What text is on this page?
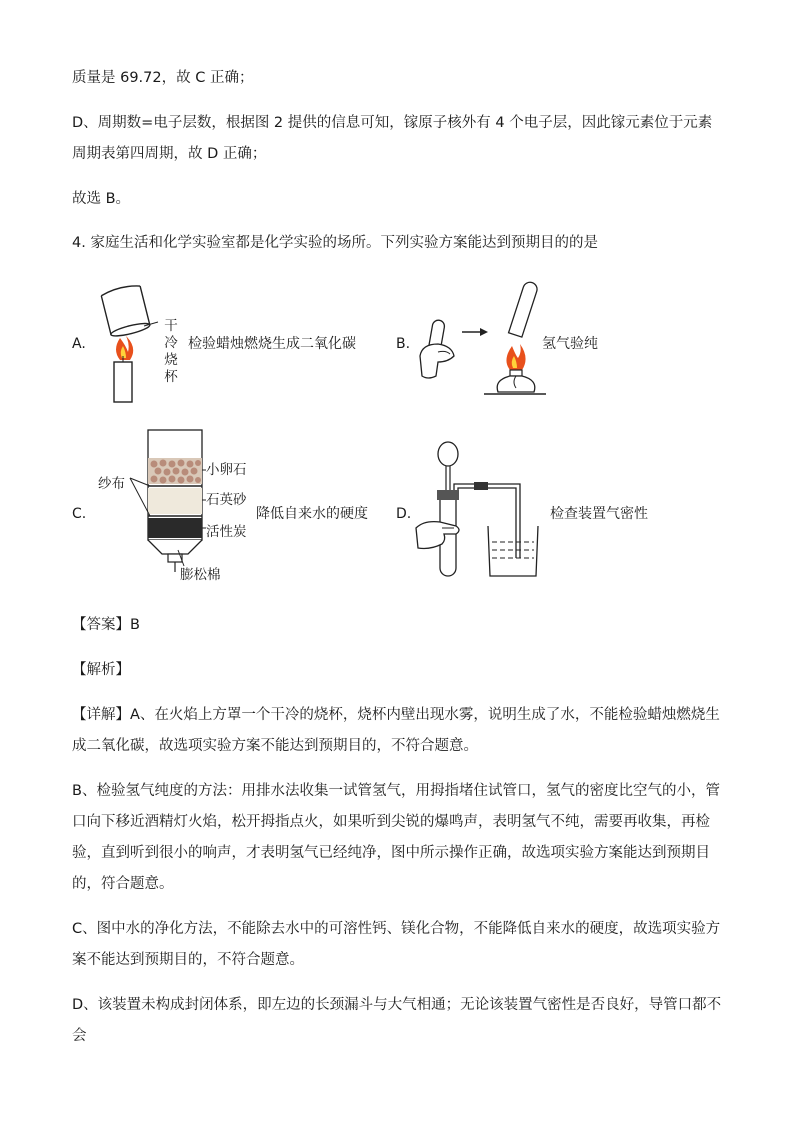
质量是 69.72，故 C 正确；

D、周期数=电子层数，根据图 2 提供的信息可知，镓原子核外有 4 个电子层，因此镓元素位于元素周期表第四周期，故 D 正确；

故选 B。

4. 家庭生活和化学实验室都是化学实验的场所。下列实验方案能达到预期目的的是

A.
干冷烧杯
检验蜡烛燃烧生成二氧化碳	B.	氢气验纯
C.
纱布
小卵石
石英砂
活性炭
膨松棉
降低自来水的硬度 D.	检查装置气密性

【答案】B

【解析】

【详解】A、在火焰上方罩一个干冷的烧杯，烧杯内壁出现水雾，说明生成了水，不能检验蜡烛燃烧生成二氧化碳，故选项实验方案不能达到预期目的，不符合题意。

B、检验氢气纯度的方法：用排水法收集一试管氢气，用拇指堵住试管口，氢气的密度比空气的小，管口向下移近酒精灯火焰，松开拇指点火，如果听到尖锐的爆鸣声，表明氢气不纯，需要再收集，再检验，直到听到很小的响声，才表明氢气已经纯净，图中所示操作正确，故选项实验方案能达到预期目的，符合题意。

C、图中水的净化方法，不能除去水中的可溶性钙、镁化合物，不能降低自来水的硬度，故选项实验方案不能达到预期目的，不符合题意。

D、该装置未构成封闭体系，即左边的长颈漏斗与大气相通；无论该装置气密性是否良好，导管口都不会
